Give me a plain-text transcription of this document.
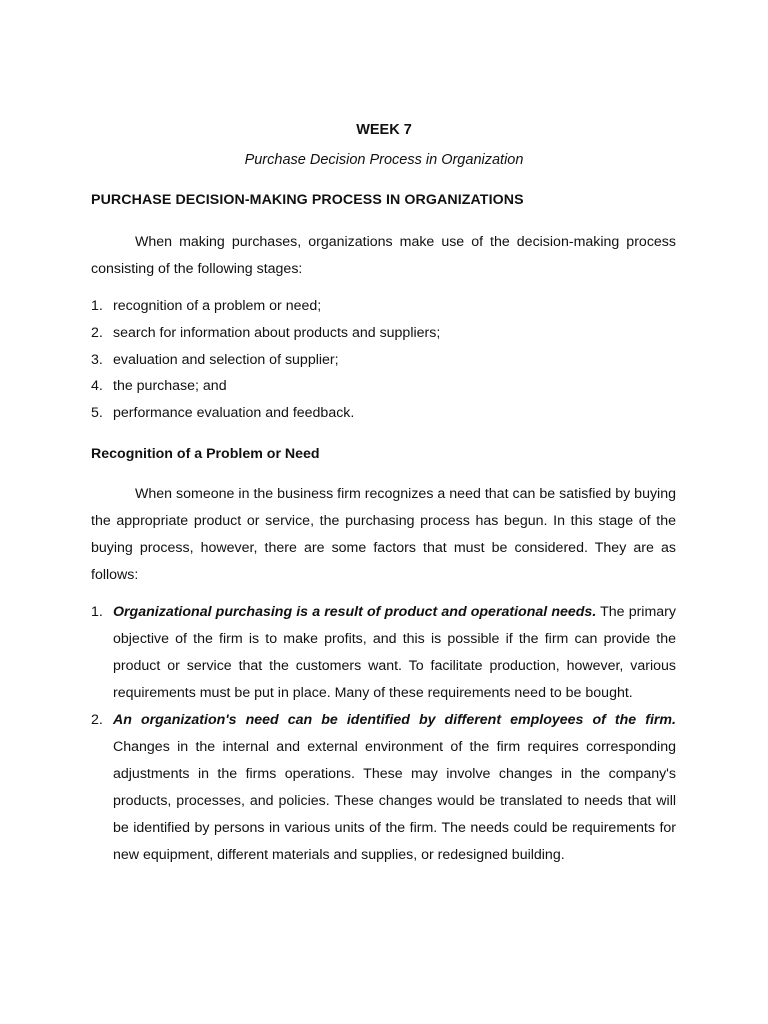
WEEK 7
Purchase Decision Process in Organization
PURCHASE DECISION-MAKING PROCESS IN ORGANIZATIONS

When making purchases, organizations make use of the decision-making process consisting of the following stages:

1. recognition of a problem or need;
2. search for information about products and suppliers;
3. evaluation and selection of supplier;
4. the purchase; and
5. performance evaluation and feedback.
Recognition of a Problem or Need

When someone in the business firm recognizes a need that can be satisfied by buying the appropriate product or service, the purchasing process has begun. In this stage of the buying process, however, there are some factors that must be considered. They are as follows:

1. Organizational purchasing is a result of product and operational needs. The primary objective of the firm is to make profits, and this is possible if the firm can provide the product or service that the customers want. To facilitate production, however, various requirements must be put in place. Many of these requirements need to be bought.
2. An organization's need can be identified by different employees of the firm. Changes in the internal and external environment of the firm requires corresponding adjustments in the firms operations. These may involve changes in the company's products, processes, and policies. These changes would be translated to needs that will be identified by persons in various units of the firm. The needs could be requirements for new equipment, different materials and supplies, or redesigned building.
